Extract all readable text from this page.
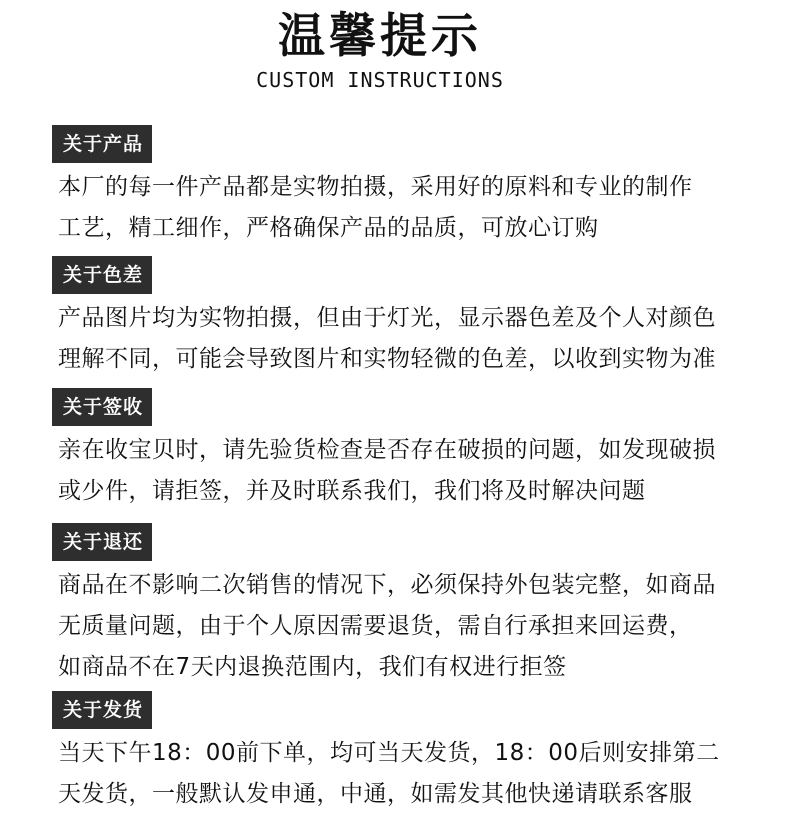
温馨提示
CUSTOM INSTRUCTIONS
关于产品
本厂的每一件产品都是实物拍摄，采用好的原料和专业的制作
工艺，精工细作，严格确保产品的品质，可放心订购
关于色差
产品图片均为实物拍摄，但由于灯光，显示器色差及个人对颜色
理解不同，可能会导致图片和实物轻微的色差，以收到实物为准
关于签收
亲在收宝贝时，请先验货检查是否存在破损的问题，如发现破损
或少件，请拒签，并及时联系我们，我们将及时解决问题
关于退还
商品在不影响二次销售的情况下，必须保持外包装完整，如商品
无质量问题，由于个人原因需要退货，需自行承担来回运费，
如商品不在7天内退换范围内，我们有权进行拒签
关于发货
当天下午18：00前下单，均可当天发货，18：00后则安排第二
天发货，一般默认发申通，中通，如需发其他快递请联系客服
